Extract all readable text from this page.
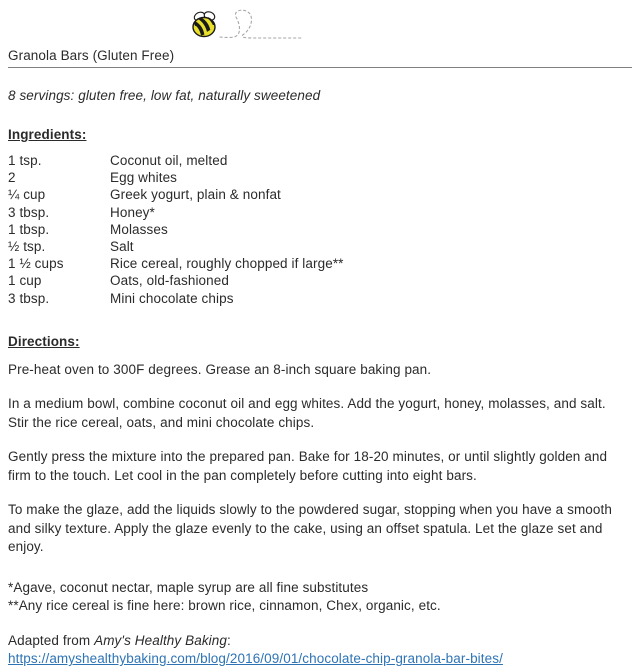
Granola Bars (Gluten Free)
8 servings: gluten free, low fat, naturally sweetened
Ingredients:
1 tsp.	Coconut oil, melted
2	Egg whites
¼ cup	Greek yogurt, plain & nonfat
3 tbsp.	Honey*
1 tbsp.	Molasses
½ tsp.	Salt
1 ½ cups	Rice cereal, roughly chopped if large**
1 cup	Oats, old-fashioned
3 tbsp.	Mini chocolate chips
Directions:

Pre-heat oven to 300F degrees. Grease an 8-inch square baking pan.

In a medium bowl, combine coconut oil and egg whites. Add the yogurt, honey, molasses, and salt. Stir the rice cereal, oats, and mini chocolate chips.

Gently press the mixture into the prepared pan. Bake for 18-20 minutes, or until slightly golden and firm to the touch. Let cool in the pan completely before cutting into eight bars.

To make the glaze, add the liquids slowly to the powdered sugar, stopping when you have a smooth and silky texture. Apply the glaze evenly to the cake, using an offset spatula. Let the glaze set and enjoy.

*Agave, coconut nectar, maple syrup are all fine substitutes

**Any rice cereal is fine here: brown rice, cinnamon, Chex, organic, etc.

Adapted from Amy's Healthy Baking:
https://amyshealthybaking.com/blog/2016/09/01/chocolate-chip-granola-bar-bites/
